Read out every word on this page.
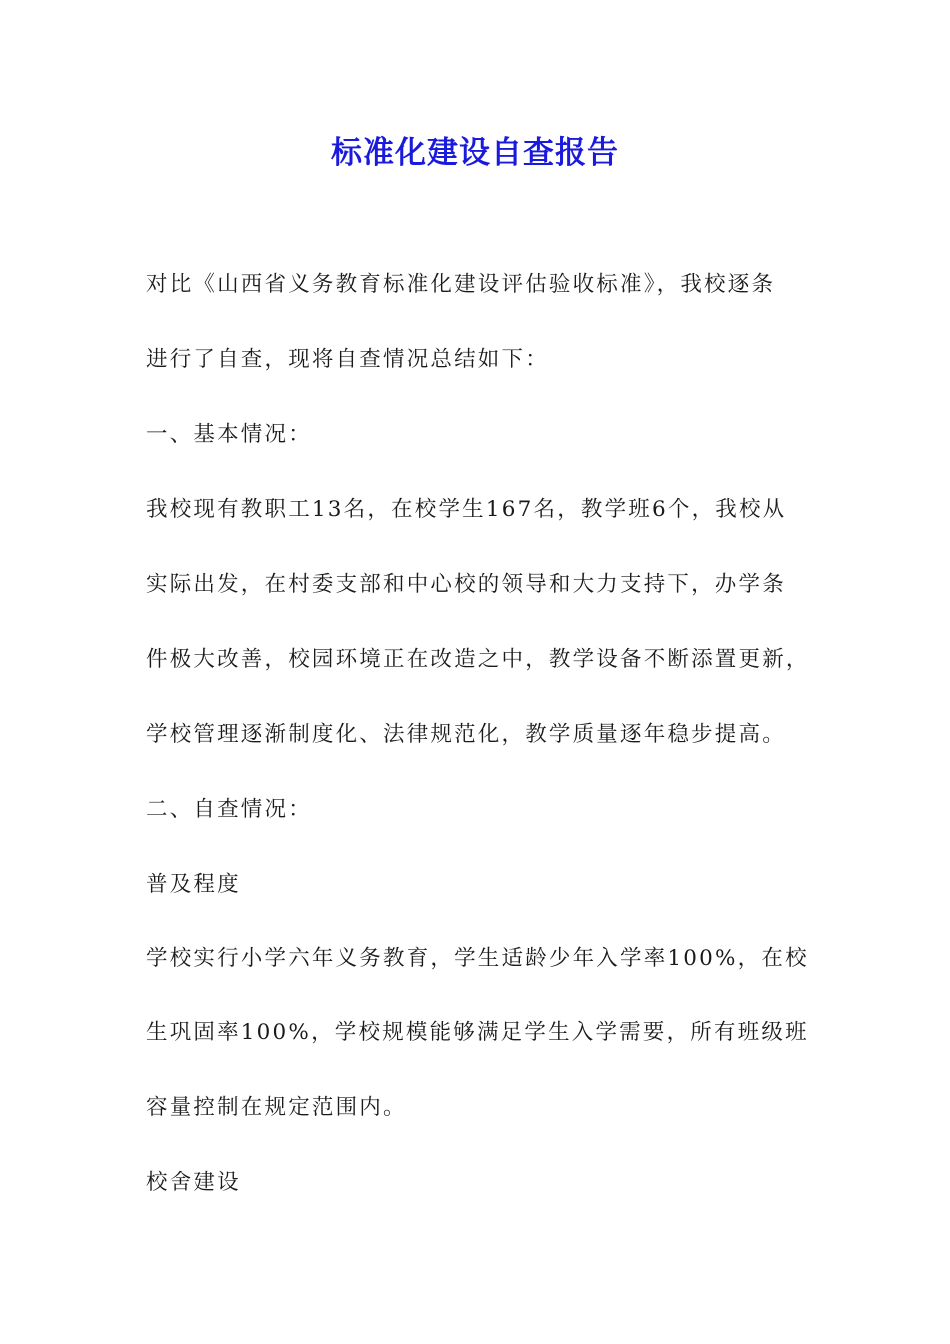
标准化建设自查报告
对比《山西省义务教育标准化建设评估验收标准》，我校逐条
进行了自查，现将自查情况总结如下：
一、基本情况：
我校现有教职工13名，在校学生167名，教学班6个，我校从
实际出发，在村委支部和中心校的领导和大力支持下，办学条
件极大改善，校园环境正在改造之中，教学设备不断添置更新，
学校管理逐渐制度化、法律规范化，教学质量逐年稳步提高。
二、自查情况：
普及程度
学校实行小学六年义务教育，学生适龄少年入学率100%，在校
生巩固率100%，学校规模能够满足学生入学需要，所有班级班
容量控制在规定范围内。
校舍建设
